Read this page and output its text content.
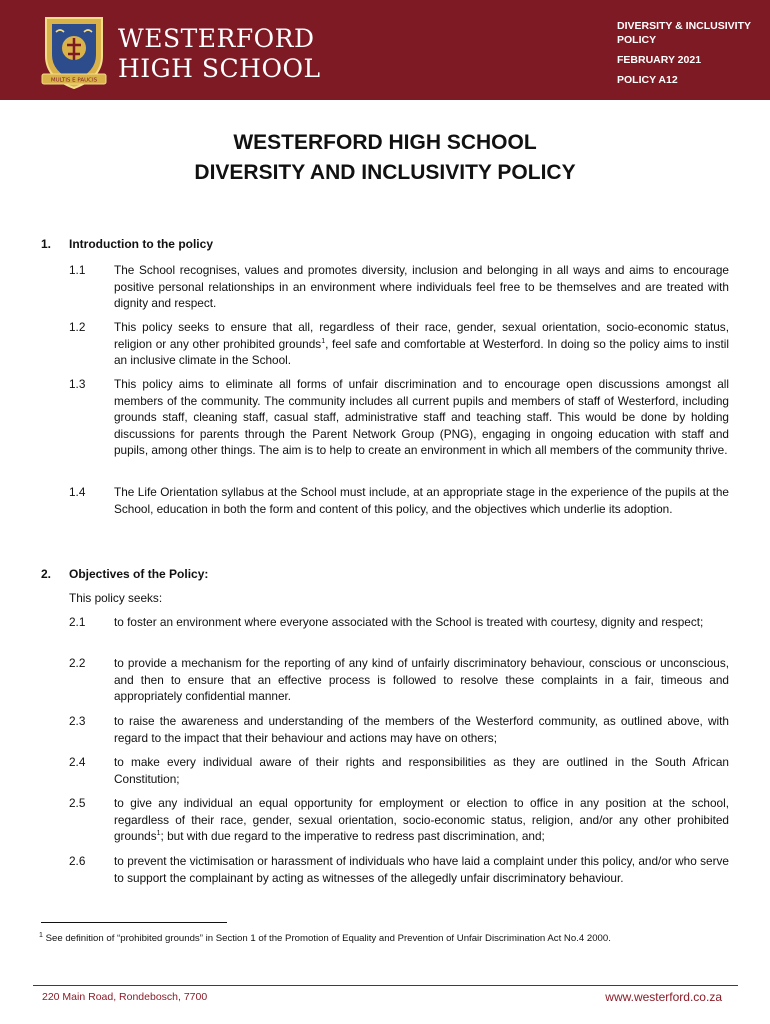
MULTIS E PAUCIS
WESTERFORD
HIGH SCHOOL
DIVERSITY & INCLUSIVITY
POLICY
FEBRUARY 2021
POLICY A12
WESTERFORD HIGH SCHOOL
DIVERSITY AND INCLUSIVITY POLICY
1. Introduction to the policy
1.1 The School recognises, values and promotes diversity, inclusion and belonging in all ways and aims to encourage positive personal relationships in an environment where individuals feel free to be themselves and are treated with dignity and respect.
1.2 This policy seeks to ensure that all, regardless of their race, gender, sexual orientation, socio-economic status, religion or any other prohibited grounds$^1$, feel safe and comfortable at Westerford. In doing so the policy aims to instil an inclusive climate in the School.
1.3 This policy aims to eliminate all forms of unfair discrimination and to encourage open discussions amongst all members of the community. The community includes all current pupils and members of staff of Westerford, including grounds staff, cleaning staff, casual staff, administrative staff and teaching staff. This would be done by holding discussions for parents through the Parent Network Group (PNG), engaging in ongoing education with staff and pupils, among other things. The aim is to help to create an environment in which all members of the community thrive.
1.4 The Life Orientation syllabus at the School must include, at an appropriate stage in the experience of the pupils at the School, education in both the form and content of this policy, and the objectives which underlie its adoption.
2. Objectives of the Policy:
This policy seeks:
2.1 to foster an environment where everyone associated with the School is treated with courtesy, dignity and respect;
2.2 to provide a mechanism for the reporting of any kind of unfairly discriminatory behaviour, conscious or unconscious, and then to ensure that an effective process is followed to resolve these complaints in a fair, timeous and appropriately confidential manner.
2.3 to raise the awareness and understanding of the members of the Westerford community, as outlined above, with regard to the impact that their behaviour and actions may have on others;
2.4 to make every individual aware of their rights and responsibilities as they are outlined in the South African Constitution;
2.5 to give any individual an equal opportunity for employment or election to office in any position at the school, regardless of their race, gender, sexual orientation, socio-economic status, religion, and/or any other prohibited grounds$^1$; but with due regard to the imperative to redress past discrimination, and;
2.6 to prevent the victimisation or harassment of individuals who have laid a complaint under this policy, and/or who serve to support the complainant by acting as witnesses of the allegedly unfair discriminatory behaviour.
$^1$ See definition of “prohibited grounds” in Section 1 of the Promotion of Equality and Prevention of Unfair Discrimination Act No.4 2000.
220 Main Road, Rondebosch, 7700	www.westerford.co.za
